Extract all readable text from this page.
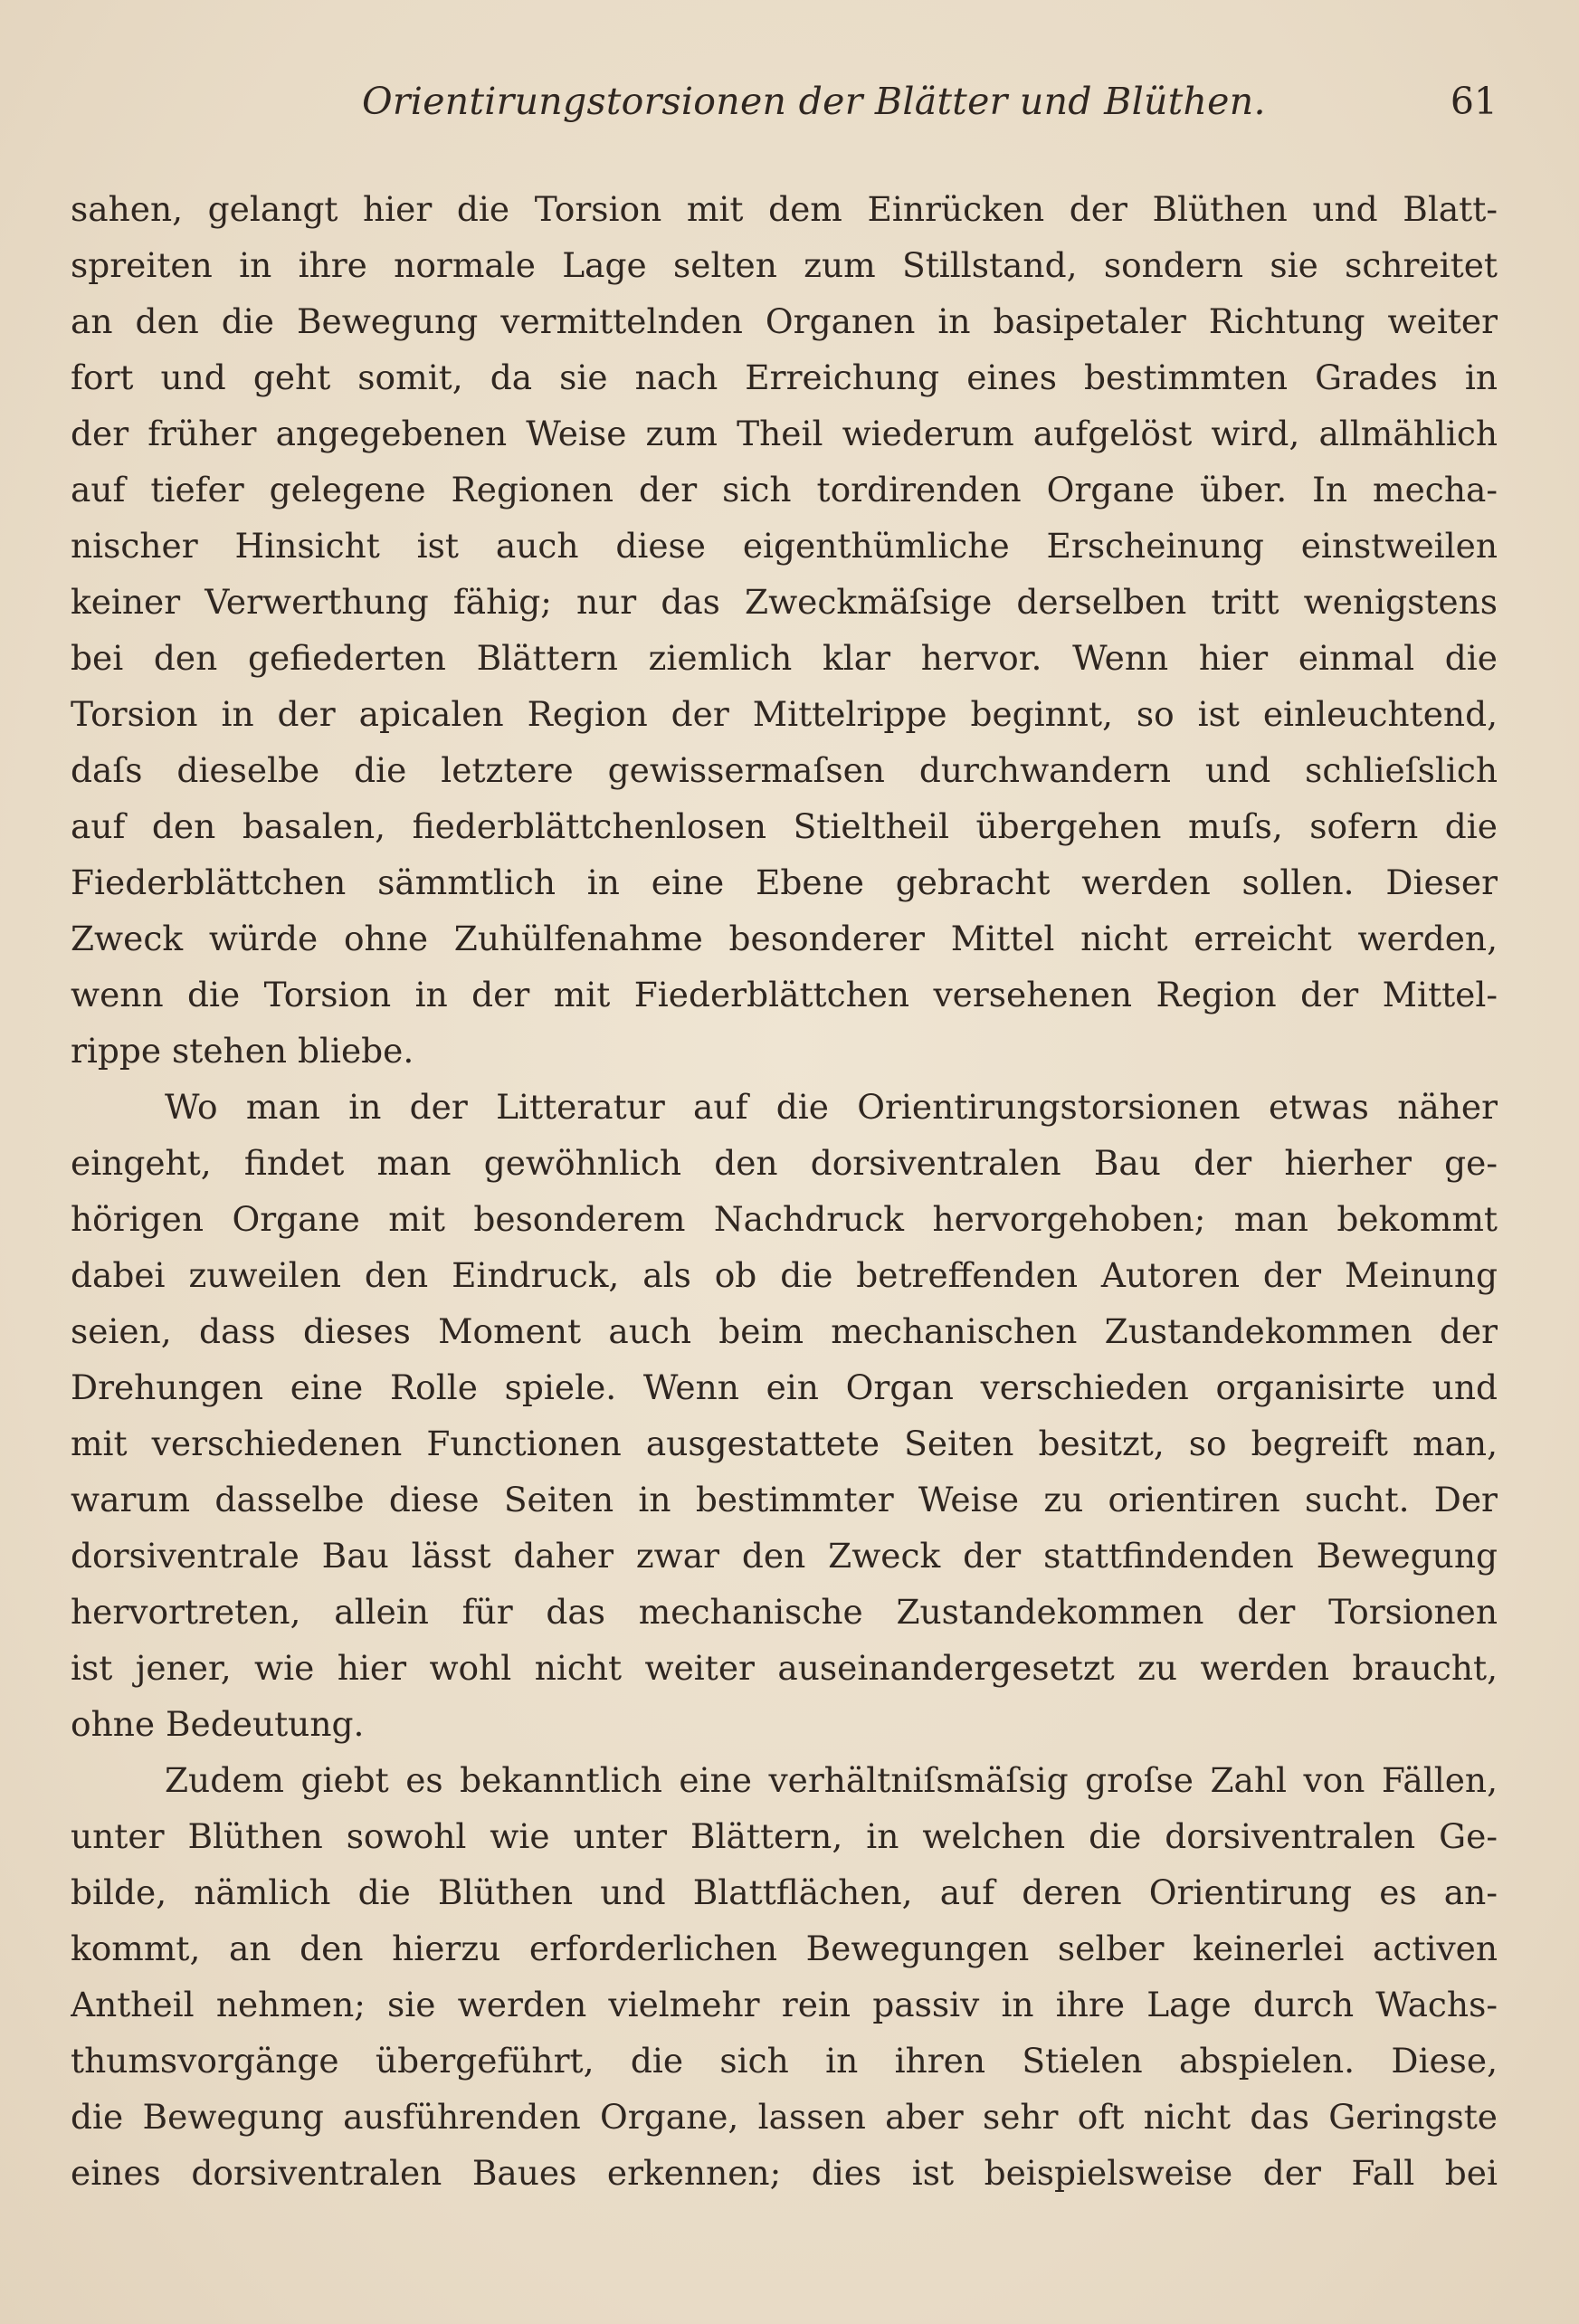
Orientirungstorsionen der Blätter und Blüthen.	61
sahen, gelangt hier die Torsion mit dem Einrücken der Blüthen und Blatt-
spreiten in ihre normale Lage selten zum Stillstand, sondern sie schreitet
an den die Bewegung vermittelnden Organen in basipetaler Richtung weiter
fort und geht somit, da sie nach Erreichung eines bestimmten Grades in
der früher angegebenen Weise zum Theil wiederum aufgelöst wird, allmählich
auf tiefer gelegene Regionen der sich tordirenden Organe über. In mecha-
nischer Hinsicht ist auch diese eigenthümliche Erscheinung einstweilen
keiner Verwerthung fähig; nur das Zweckmäſsige derselben tritt wenigstens
bei den gefiederten Blättern ziemlich klar hervor. Wenn hier einmal die
Torsion in der apicalen Region der Mittelrippe beginnt, so ist einleuchtend,
daſs dieselbe die letztere gewissermaſsen durchwandern und schlieſslich
auf den basalen, fiederblättchenlosen Stieltheil übergehen muſs, sofern die
Fiederblättchen sämmtlich in eine Ebene gebracht werden sollen. Dieser
Zweck würde ohne Zuhülfenahme besonderer Mittel nicht erreicht werden,
wenn die Torsion in der mit Fiederblättchen versehenen Region der Mittel-
rippe stehen bliebe.
Wo man in der Litteratur auf die Orientirungstorsionen etwas näher
eingeht, findet man gewöhnlich den dorsiventralen Bau der hierher ge-
hörigen Organe mit besonderem Nachdruck hervorgehoben; man bekommt
dabei zuweilen den Eindruck, als ob die betreffenden Autoren der Meinung
seien, dass dieses Moment auch beim mechanischen Zustandekommen der
Drehungen eine Rolle spiele. Wenn ein Organ verschieden organisirte und
mit verschiedenen Functionen ausgestattete Seiten besitzt, so begreift man,
warum dasselbe diese Seiten in bestimmter Weise zu orientiren sucht. Der
dorsiventrale Bau lässt daher zwar den Zweck der stattfindenden Bewegung
hervortreten, allein für das mechanische Zustandekommen der Torsionen
ist jener, wie hier wohl nicht weiter auseinandergesetzt zu werden braucht,
ohne Bedeutung.
Zudem giebt es bekanntlich eine verhältniſsmäſsig groſse Zahl von Fällen,
unter Blüthen sowohl wie unter Blättern, in welchen die dorsiventralen Ge-
bilde, nämlich die Blüthen und Blattflächen, auf deren Orientirung es an-
kommt, an den hierzu erforderlichen Bewegungen selber keinerlei activen
Antheil nehmen; sie werden vielmehr rein passiv in ihre Lage durch Wachs-
thumsvorgänge übergeführt, die sich in ihren Stielen abspielen. Diese,
die Bewegung ausführenden Organe, lassen aber sehr oft nicht das Geringste
eines dorsiventralen Baues erkennen; dies ist beispielsweise der Fall bei
